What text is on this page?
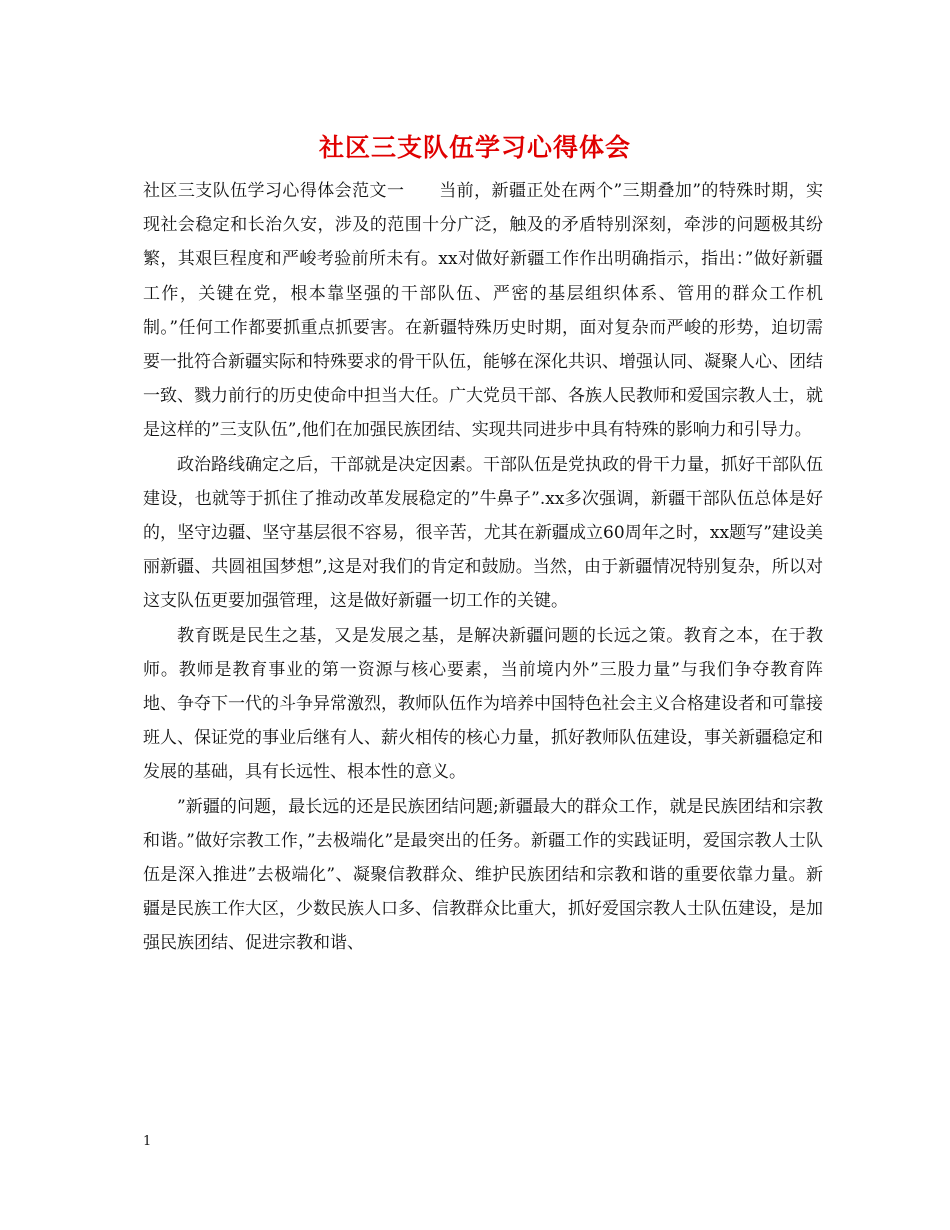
社区三支队伍学习心得体会

社区三支队伍学习心得体会范文一　　当前，新疆正处在两个”三期叠加”的特殊时期，实现社会稳定和长治久安，涉及的范围十分广泛，触及的矛盾特别深刻，牵涉的问题极其纷繁，其艰巨程度和严峻考验前所未有。xx对做好新疆工作作出明确指示，指出：”做好新疆工作，关键在党，根本靠坚强的干部队伍、严密的基层组织体系、管用的群众工作机制。”任何工作都要抓重点抓要害。在新疆特殊历史时期，面对复杂而严峻的形势，迫切需要一批符合新疆实际和特殊要求的骨干队伍，能够在深化共识、增强认同、凝聚人心、团结一致、戮力前行的历史使命中担当大任。广大党员干部、各族人民教师和爱国宗教人士，就是这样的”三支队伍”,他们在加强民族团结、实现共同进步中具有特殊的影响力和引导力。

政治路线确定之后，干部就是决定因素。干部队伍是党执政的骨干力量，抓好干部队伍建设，也就等于抓住了推动改革发展稳定的”牛鼻子”.xx多次强调，新疆干部队伍总体是好的，坚守边疆、坚守基层很不容易，很辛苦，尤其在新疆成立60周年之时，xx题写”建设美丽新疆、共圆祖国梦想”,这是对我们的肯定和鼓励。当然，由于新疆情况特别复杂，所以对这支队伍更要加强管理，这是做好新疆一切工作的关键。

教育既是民生之基，又是发展之基，是解决新疆问题的长远之策。教育之本，在于教师。教师是教育事业的第一资源与核心要素，当前境内外”三股力量”与我们争夺教育阵地、争夺下一代的斗争异常激烈，教师队伍作为培养中国特色社会主义合格建设者和可靠接班人、保证党的事业后继有人、薪火相传的核心力量，抓好教师队伍建设，事关新疆稳定和发展的基础，具有长远性、根本性的意义。

”新疆的问题，最长远的还是民族团结问题;新疆最大的群众工作，就是民族团结和宗教和谐。”做好宗教工作，”去极端化”是最突出的任务。新疆工作的实践证明，爱国宗教人士队伍是深入推进”去极端化”、凝聚信教群众、维护民族团结和宗教和谐的重要依靠力量。新疆是民族工作大区，少数民族人口多、信教群众比重大，抓好爱国宗教人士队伍建设，是加强民族团结、促进宗教和谐、

1
